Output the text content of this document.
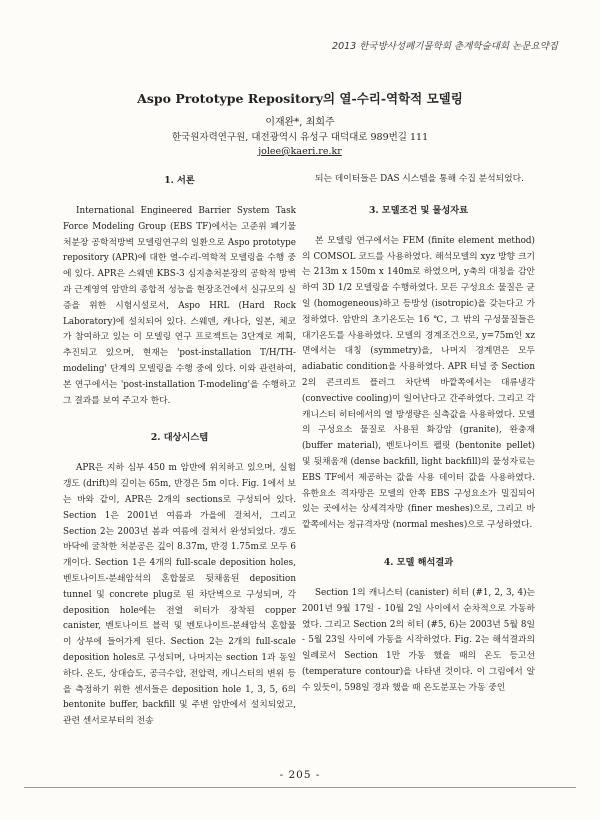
2013 한국방사성폐기물학회 춘계학술대회 논문요약집
Aspo Prototype Repository의 열-수리-역학적 모델링
이재완*, 최희주
한국원자력연구원, 대전광역시 유성구 대덕대로 989번길 111
jolee@kaeri.re.kr
1. 서론

International Engineered Barrier System Task Force Modeling Group (EBS TF)에서는 고준위 폐기물처분장 공학적방벽 모델링연구의 일환으로 Aspo prototype repository (APR)에 대한 열-수리-역학적 모델링을 수행 중에 있다. APR은 스웨덴 KBS-3 심지층처분장의 공학적 방벽과 근계영역 암반의 종합적 성능을 현장조건에서 실규모의 실증을 위한 시험시설로서, Aspo HRL (Hard Rock Laboratory)에 설치되어 있다. 스웨덴, 캐나다, 일본, 체코가 참여하고 있는 이 모델링 연구 프로젝트는 3단계로 계획,추진되고 있으며, 현재는 'post-installation T/H/TH- modeling' 단계의 모델링을 수행 중에 있다. 이와 관련하여, 본 연구에서는 'post-installation T-modeling'을 수행하고 그 결과를 보여 주고자 한다.

2. 대상시스템

APR은 지하 심부 450 m 암반에 위치하고 있으며, 실험 갱도 (drift)의 길이는 65m, 반경은 5m 이다. Fig. 1에서 보는 바와 같이, APR은 2개의 sections로 구성되어 있다. Section 1은 2001년 여름과 가을에 걸쳐서, 그리고 Section 2는 2003년 봄과 여름에 걸쳐서 완성되었다. 갱도 바닥에 굴착한 처분공은 깊이 8.37m, 반경 1.75m로 모두 6개이다. Section 1은 4개의 full-scale deposition holes, 벤토나이트-분쇄암석의 혼합물로 뒷채움된 deposition tunnel 및 concrete plug로 된 차단벽으로 구성되며, 각 deposition hole에는 전열 히터가 장착된 copper canister, 벤토나이트 블럭 및 벤토나이트-분쇄암석 혼합물이 상부에 들어가게 된다. Section 2는 2개의 full-scale deposition holes로 구성되며, 나머지는 section 1과 동일하다. 온도, 상대습도, 공극수압, 전압력, 캐니스터의 변위 등을 측정하기 위한 센서들은 deposition hole 1, 3, 5, 6의 bentonite buffer, backfill 및 주변 암반에서 설치되었고, 관련 센서로부터의 전송

되는 데이터들은 DAS 시스템을 통해 수집 분석되었다.

3. 모델조건 및 물성자료

본 모델링 연구에서는 FEM (finite element method)의 COMSOL 코드를 사용하였다. 해석모델의 xyz 방향 크기는 213m x 150m x 140m로 하였으며, y축의 대칭을 감안하여 3D 1/2 모델링을 수행하였다. 모든 구성요소 물질은 균일 (homogeneous)하고 등방성 (isotropic)을 갖는다고 가정하였다. 암반의 초기온도는 16 ℃, 그 밖의 구성물질들은 대기온도를 사용하였다. 모델의 경계조건으로, y=75m인 xz면에서는 대칭 (symmetry)을, 나머지 경계면은 모두 adiabatic condition을 사용하였다. APR 터널 중 Section 2의 콘크리트 플러그 차단벽 바깥쪽에서는 대류냉각 (convective cooling)이 일어난다고 간주하였다. 그리고 각 캐니스터 히터에서의 열 방생량은 실측값을 사용하였다. 모델의 구성요소 물질로 사용된 화강암 (granite), 완충재 (buffer material), 벤토나이트 펠릿 (bentonite pellet) 및 뒷채움재 (dense backfill, light backfill)의 물성자료는 EBS TF에서 제공하는 값을 사용 데이터 값을 사용하였다. 유한요소 격자망은 모델의 안쪽 EBS 구성요소가 밀집되어 있는 곳에서는 상세격자망 (finer meshes)으로, 그리고 바깥쪽에서는 정규격자망 (normal meshes)으로 구성하였다.

4. 모델 해석결과

Section 1의 캐니스터 (canister) 히터 (#1, 2, 3, 4)는 2001년 9월 17일 - 10월 2일 사이에서 순차적으로 가동하였다. 그리고 Section 2의 히터 (#5, 6)는 2003년 5월 8일 - 5월 23일 사이에 가동을 시작하였다. Fig. 2는 해석결과의 일례로서 Section 1만 가동 했을 때의 온도 등고선 (temperature contour)을 나타낸 것이다. 이 그림에서 알 수 있듯이, 598일 경과 했을 때 온도분포는 가동 중인

- 205 -
